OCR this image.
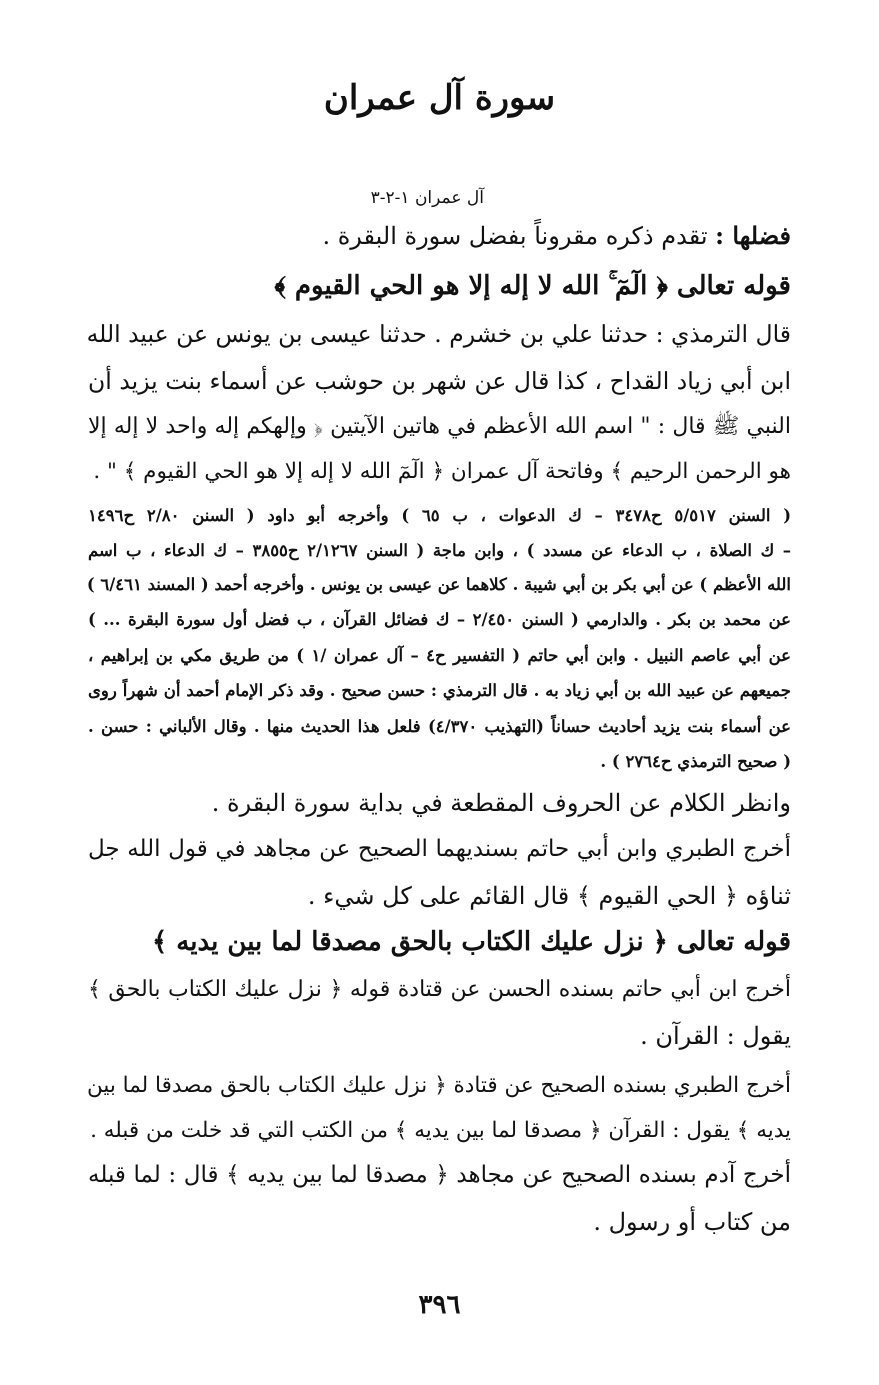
سورة آل عمران
آل عمران ١-٢-٣
فضلها : تقدم ذكره مقروناً بفضل سورة البقرة .
قوله تعالى ﴿ الٓمٓ ۚ الله لا إله إلا هو الحي القيوم ﴾
قال الترمذي : حدثنا علي بن خشرم . حدثنا عيسى بن يونس عن عبيد الله
ابن أبي زياد القداح ، كذا قال عن شهر بن حوشب عن أسماء بنت يزيد أن
النبي ﷺ قال : " اسم الله الأعظم في هاتين الآيتين ﴿ وإلهكم إله واحد لا إله إلا
هو الرحمن الرحيم ﴾ وفاتحة آل عمران ﴿ الٓمٓ الله لا إله إلا هو الحي القيوم ﴾ " .
( السنن ٥/٥١٧ ح٣٤٧٨ – ك الدعوات ، ب ٦٥ ) وأخرجه أبو داود ( السنن ٢/٨٠ ح١٤٩٦
– ك الصلاة ، ب الدعاء عن مسدد ) ، وابن ماجة ( السنن ٢/١٢٦٧ ح٣٨٥٥ – ك الدعاء ، ب اسم
الله الأعظم ) عن أبي بكر بن أبي شيبة . كلاهما عن عيسى بن يونس . وأخرجه أحمد ( المسند ٦/٤٦١ )
عن محمد بن بكر . والدارمي ( السنن ٢/٤٥٠ – ك فضائل القرآن ، ب فضل أول سورة البقرة ... )
عن أبي عاصم النبيل . وابن أبي حاتم ( التفسير ح٤ – آل عمران /١ ) من طريق مكي بن إبراهيم ،
جميعهم عن عبيد الله بن أبي زياد به . قال الترمذي : حسن صحيح . وقد ذكر الإمام أحمد أن شهراً روى
عن أسماء بنت يزيد أحاديث حساناً (التهذيب ٤/٣٧٠) فلعل هذا الحديث منها . وقال الألباني : حسن .
( صحيح الترمذي ح٢٧٦٤ ) .
وانظر الكلام عن الحروف المقطعة في بداية سورة البقرة .
أخرج الطبري وابن أبي حاتم بسنديهما الصحيح عن مجاهد في قول الله جل
ثناؤه ﴿ الحي القيوم ﴾ قال القائم على كل شيء .
قوله تعالى ﴿ نزل عليك الكتاب بالحق مصدقا لما بين يديه ﴾
أخرج ابن أبي حاتم بسنده الحسن عن قتادة قوله ﴿ نزل عليك الكتاب بالحق ﴾
يقول : القرآن .
أخرج الطبري بسنده الصحيح عن قتادة ﴿ نزل عليك الكتاب بالحق مصدقا لما بين
يديه ﴾ يقول : القرآن ﴿ مصدقا لما بين يديه ﴾ من الكتب التي قد خلت من قبله .
أخرج آدم بسنده الصحيح عن مجاهد ﴿ مصدقا لما بين يديه ﴾ قال : لما قبله
من كتاب أو رسول .
٣٩٦
